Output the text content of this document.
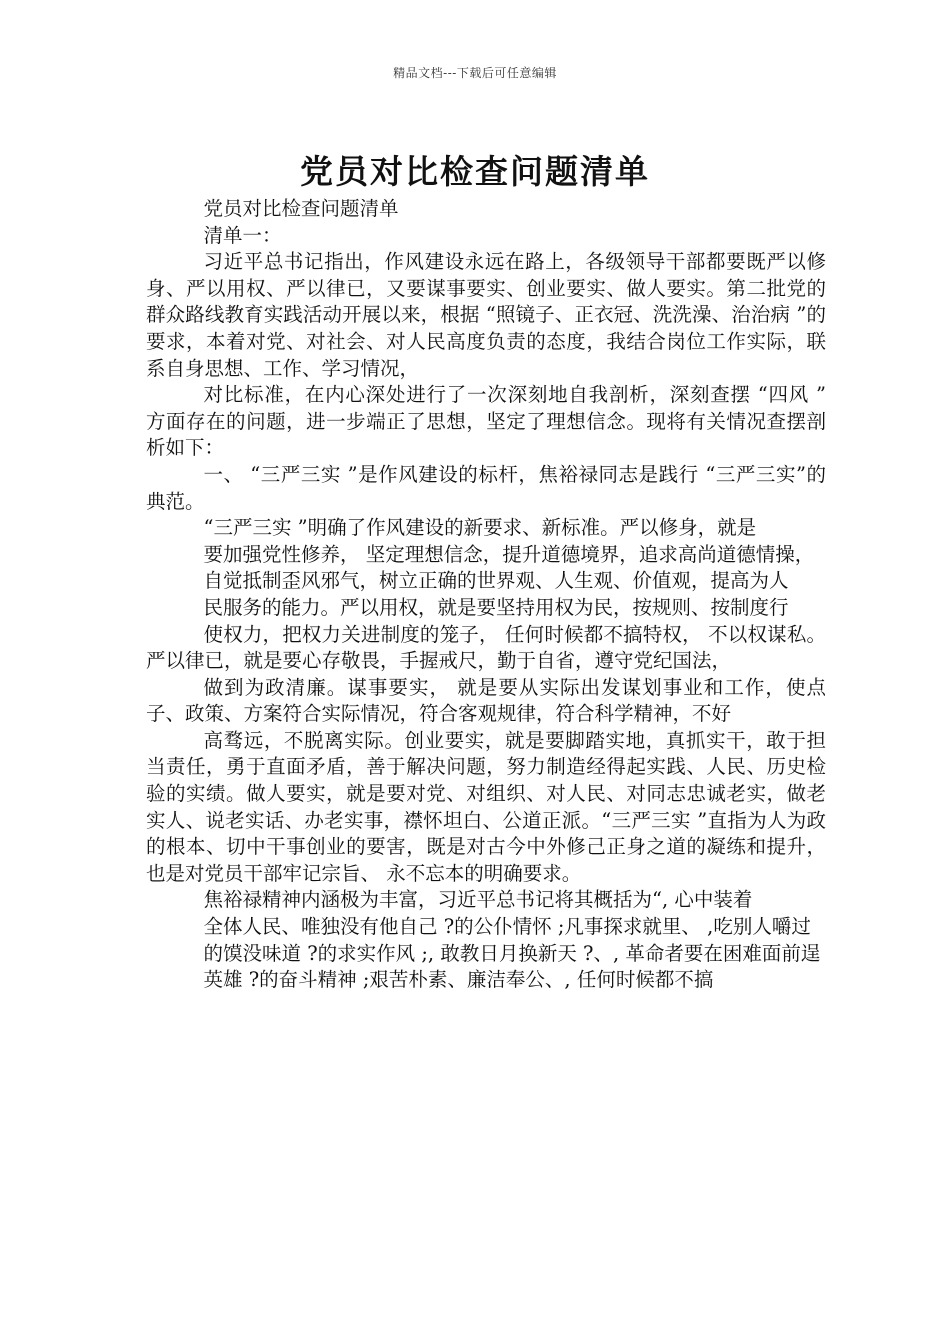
精品文档---下载后可任意编辑
党员对比检查问题清单

党员对比检查问题清单

清单一：

习近平总书记指出，作风建设永远在路上，各级领导干部都要既严以修身、严以用权、严以律已，又要谋事要实、创业要实、做人要实。第二批党的群众路线教育实践活动开展以来，根据 “照镜子、正衣冠、洗洗澡、治治病 ”的要求，本着对党、对社会、对人民高度负责的态度，我结合岗位工作实际，联系自身思想、工作、学习情况，

对比标准，在内心深处进行了一次深刻地自我剖析，深刻查摆 “四风 ” 方面存在的问题，进一步端正了思想，坚定了理想信念。现将有关情况查摆剖析如下：

一、 “三严三实 ”是作风建设的标杆，焦裕禄同志是践行 “三严三实”的典范。

“三严三实 ”明确了作风建设的新要求、新标准。严以修身，就是

要加强党性修养， 坚定理想信念，提升道德境界，追求高尚道德情操，

自觉抵制歪风邪气，树立正确的世界观、人生观、价值观，提高为人

民服务的能力。严以用权，就是要坚持用权为民，按规则、按制度行

使权力，把权力关进制度的笼子， 任何时候都不搞特权， 不以权谋私。严以律已，就是要心存敬畏，手握戒尺，勤于自省，遵守党纪国法，

做到为政清廉。谋事要实， 就是要从实际出发谋划事业和工作，使点子、政策、方案符合实际情况，符合客观规律，符合科学精神，不好

高骛远，不脱离实际。创业要实，就是要脚踏实地，真抓实干，敢于担当责任，勇于直面矛盾，善于解决问题，努力制造经得起实践、人民、历史检验的实绩。做人要实，就是要对党、对组织、对人民、对同志忠诚老实，做老实人、说老实话、办老实事，襟怀坦白、公道正派。“三严三实 ”直指为人为政的根本、切中干事创业的要害，既是对古今中外修己正身之道的凝练和提升， 也是对党员干部牢记宗旨、 永不忘本的明确要求。

焦裕禄精神内涵极为丰富，习近平总书记将其概括为“, 心中装着

全体人民、唯独没有他自己 ?的公仆情怀 ;凡事探求就里、 ,吃别人嚼过

的馍没味道 ?的求实作风 ;, 敢教日月换新天 ?、, 革命者要在困难面前逞

英雄 ?的奋斗精神 ;艰苦朴素、廉洁奉公、, 任何时候都不搞
